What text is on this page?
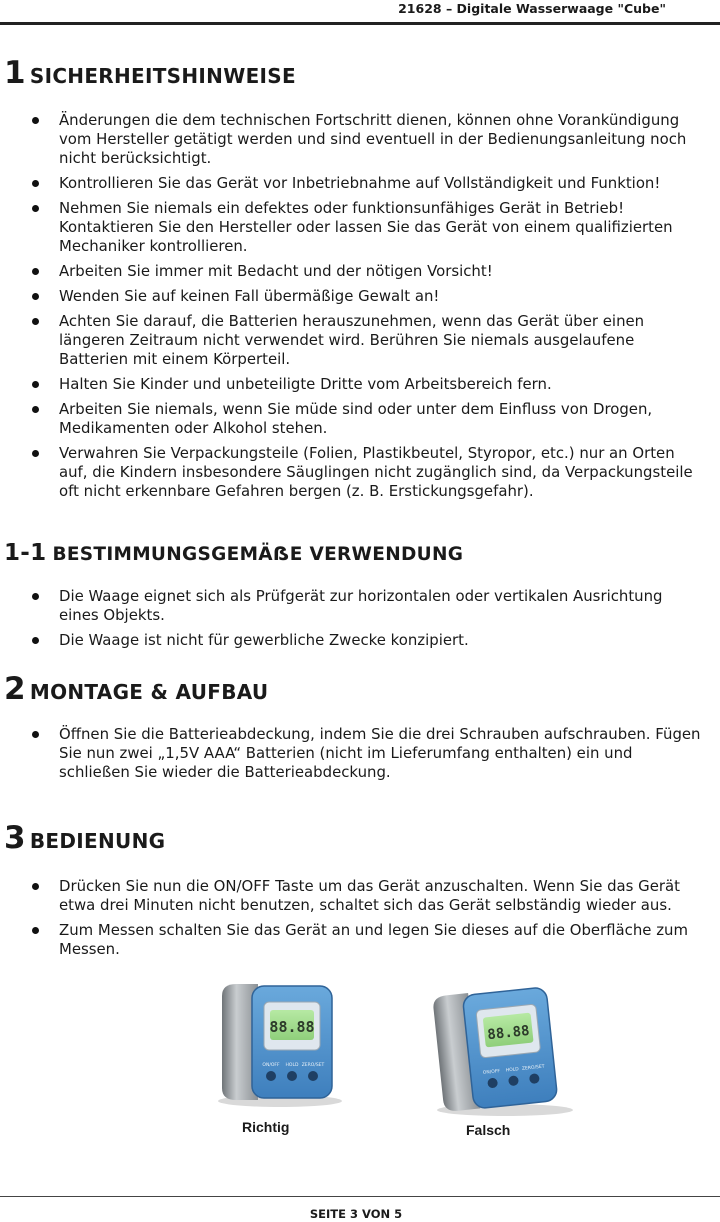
21628 – Digitale Wasserwaage "Cube"
1 SICHERHEITSHINWEISE
Änderungen die dem technischen Fortschritt dienen, können ohne Vorankündigung vom Hersteller getätigt werden und sind eventuell in der Bedienungsanleitung noch nicht berücksichtigt.
Kontrollieren Sie das Gerät vor Inbetriebnahme auf Vollständigkeit und Funktion!
Nehmen Sie niemals ein defektes oder funktionsunfähiges Gerät in Betrieb! Kontaktieren Sie den Hersteller oder lassen Sie das Gerät von einem qualifizierten Mechaniker kontrollieren.
Arbeiten Sie immer mit Bedacht und der nötigen Vorsicht!
Wenden Sie auf keinen Fall übermäßige Gewalt an!
Achten Sie darauf, die Batterien herauszunehmen, wenn das Gerät über einen längeren Zeitraum nicht verwendet wird. Berühren Sie niemals ausgelaufene Batterien mit einem Körperteil.
Halten Sie Kinder und unbeteiligte Dritte vom Arbeitsbereich fern.
Arbeiten Sie niemals, wenn Sie müde sind oder unter dem Einfluss von Drogen, Medikamenten oder Alkohol stehen.
Verwahren Sie Verpackungsteile (Folien, Plastikbeutel, Styropor, etc.) nur an Orten auf, die Kindern insbesondere Säuglingen nicht zugänglich sind, da Verpackungsteile oft nicht erkennbare Gefahren bergen (z. B. Erstickungsgefahr).
1-1 BESTIMMUNGSGEMÄẞE VERWENDUNG
Die Waage eignet sich als Prüfgerät zur horizontalen oder vertikalen Ausrichtung eines Objekts.
Die Waage ist nicht für gewerbliche Zwecke konzipiert.
2 MONTAGE & AUFBAU
Öffnen Sie die Batterieabdeckung, indem Sie die drei Schrauben aufschrauben. Fügen Sie nun zwei „1,5V AAA“ Batterien (nicht im Lieferumfang enthalten) ein und schließen Sie wieder die Batterieabdeckung.
3 BEDIENUNG
Drücken Sie nun die ON/OFF Taste um das Gerät anzuschalten. Wenn Sie das Gerät etwa drei Minuten nicht benutzen, schaltet sich das Gerät selbständig wieder aus.
Zum Messen schalten Sie das Gerät an und legen Sie dieses auf die Oberfläche zum Messen.
88.88
ON/OFF HOLD ZERO/SET
88.88
ON/OFF HOLD ZERO/SET
Richtig	Falsch
SEITE 3 VON 5
